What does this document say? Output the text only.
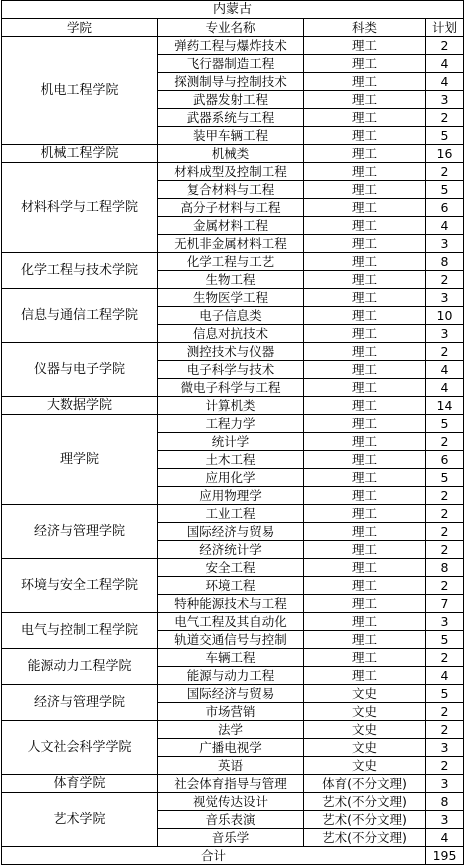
内蒙古			
学院	专业名称	科类	计划
机电工程学院	弹药工程与爆炸技术	理工	2
	飞行器制造工程	理工	4
	探测制导与控制技术	理工	4
	武器发射工程	理工	3
	武器系统与工程	理工	2
	装甲车辆工程	理工	5
机械工程学院	机械类	理工	16
材料科学与工程学院	材料成型及控制工程	理工	2
	复合材料与工程	理工	5
	高分子材料与工程	理工	6
	金属材料工程	理工	4
	无机非金属材料工程	理工	3
化学工程与技术学院	化学工程与工艺	理工	8
	生物工程	理工	2
信息与通信工程学院	生物医学工程	理工	3
	电子信息类	理工	10
	信息对抗技术	理工	3
仪器与电子学院	测控技术与仪器	理工	2
	电子科学与技术	理工	4
	微电子科学与工程	理工	4
大数据学院	计算机类	理工	14
理学院	工程力学	理工	5
	统计学	理工	2
	土木工程	理工	6
	应用化学	理工	5
	应用物理学	理工	2
经济与管理学院	工业工程	理工	2
	国际经济与贸易	理工	2
	经济统计学	理工	2
环境与安全工程学院	安全工程	理工	8
	环境工程	理工	2
	特种能源技术与工程	理工	7
电气与控制工程学院	电气工程及其自动化	理工	3
	轨道交通信号与控制	理工	5
能源动力工程学院	车辆工程	理工	2
	能源与动力工程	理工	4
经济与管理学院	国际经济与贸易	文史	5
	市场营销	文史	2
人文社会科学学院	法学	文史	2
	广播电视学	文史	3
	英语	文史	2
体育学院	社会体育指导与管理	体育(不分文理)	3
艺术学院	视觉传达设计	艺术(不分文理)	8
	音乐表演	艺术(不分文理)	3
	音乐学	艺术(不分文理)	4
合计			195
